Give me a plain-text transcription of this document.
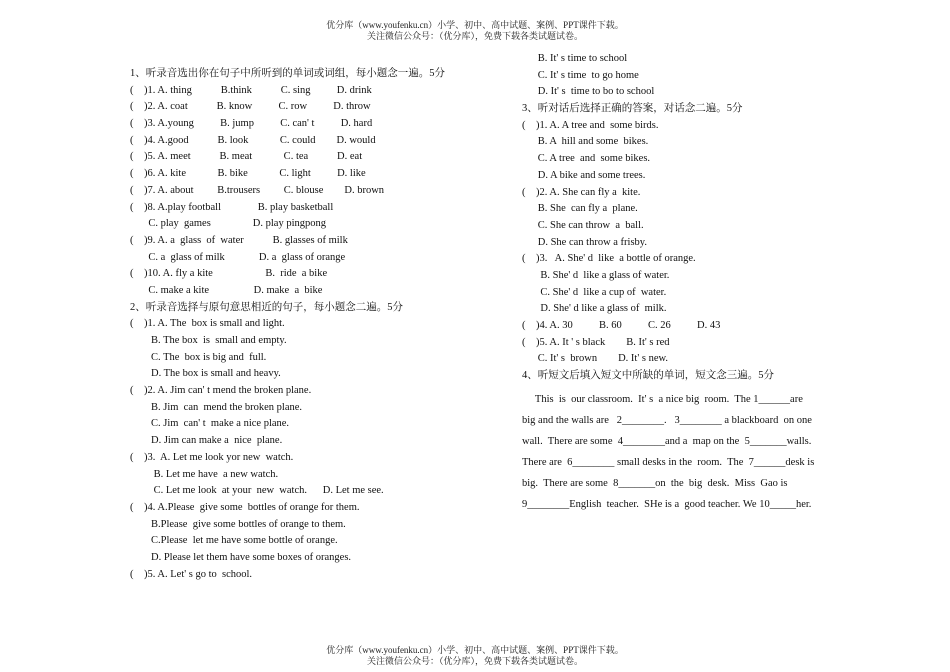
优分库（www.youfenku.cn）小学、初中、高中试题、案例、PPT课件下载。
关注微信公众号：（优分库），免费下载各类试题试卷。
1、听录音选出你在句子中所听到的单词或词组，每小题念一遍。5分
(    )1. A. thing           B.think           C. sing          D. drink
(    )2. A. coat           B. know          C. row          D. throw
(    )3. A.young          B. jump          C. can' t          D. hard
(    )4. A.good           B. look            C. could        D. would
(    )5. A. meet           B. meat            C. tea           D. eat
(    )6. A. kite            B. bike            C. light          D. like
(    )7. A. about         B.trousers         C. blouse        D. brown
(    )8. A.play football              B. play basketball
C. play  games                D. play pingpong
(    )9. A. a  glass  of  water           B. glasses of milk
C. a  glass of milk             D. a  glass of orange
(    )10. A. fly a kite                    B.  ride  a bike
C. make a kite                 D. make  a  bike
2、听录音选择与原句意思相近的句子，每小题念二遍。5分
(    )1. A. The  box is small and light.
B. The box  is  small and empty.
C. The  box is big and  full.
D. The box is small and heavy.
(    )2. A. Jim can' t mend the broken plane.
B. Jim  can  mend the broken plane.
C. Jim  can' t  make a nice plane.
D. Jim can make a  nice  plane.
(    )3.  A. Let me look yor new  watch.
B. Let me have  a new watch.
C. Let me look  at your  new  watch.      D. Let me see.
(    )4. A.Please  give some  bottles of orange for them.
B.Please  give some bottles of orange to them.
C.Please  let me have some bottle of orange.
D. Please let them have some boxes of oranges.
(    )5. A. Let' s go to  school.
B. It' s time to school
C. It' s time  to go home
D. It' s  time to bo to school
3、听对话后选择正确的答案，对话念二遍。5分
(    )1. A. A tree and  some birds.
B. A  hill and some  bikes.
C. A tree  and  some bikes.
D. A bike and some trees.
(    )2. A. She can fly a  kite.
B. She  can fly a  plane.
C. She can throw  a  ball.
D. She can throw a frisby.
(    )3.   A. She' d  like  a bottle of orange.
B. She' d  like a glass of water.
C. She' d  like a cup of  water.
D. She' d like a glass of  milk.
(    )4. A. 30          B. 60          C. 26          D. 43
(    )5. A. It ' s black        B. It' s red
C. It' s  brown        D. It' s new.
4、听短文后填入短文中所缺的单词，短文念三遍。5分
This  is  our classroom.  It' s  a nice big  room.  The 1______are
big and the walls are   2________.   3________ a blackboard  on one
wall.  There are some  4________and a  map on the  5_______walls.
There are  6________ small desks in the  room.  The  7______desk is
big.  There are some  8_______on  the  big  desk.  Miss  Gao is
9________English  teacher.  SHe is a  good teacher. We 10_____her.
优分库（www.youfenku.cn）小学、初中、高中试题、案例、PPT课件下载。
关注微信公众号：（优分库），免费下载各类试题试卷。
